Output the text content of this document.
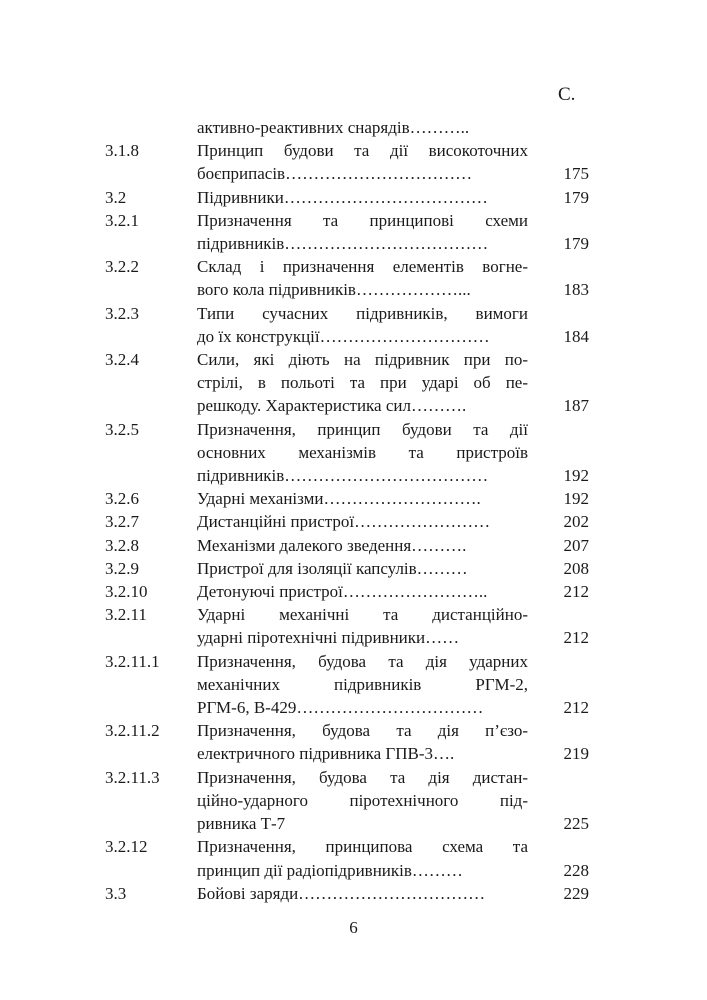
С.
активно-реактивних снарядів………..
3.1.8	Принцип будови та дії високоточних
боєприпасів……………………………	175
3.2	Підривники………………………………	179
3.2.1	Призначення та принципові схеми
підривників………………………………	179
3.2.2	Склад і призначення елементів вогне-
вого кола підривників………………...	183
3.2.3	Типи сучасних підривників, вимоги
до їх конструкції…………………………	184
3.2.4	Сили, які діють на підривник при по-
стрілі, в польоті та при ударі об пе-
решкоду. Характеристика сил……….	187
3.2.5	Призначення, принцип будови та дії
основних механізмів та пристроїв
підривників………………………………	192
3.2.6	Ударні механізми……………………….	192
3.2.7	Дистанційні пристрої……………………	202
3.2.8	Механізми далекого зведення……….	207
3.2.9	Пристрої для ізоляції капсулів………	208
3.2.10	Детонуючі пристрої……………………..	212
3.2.11	Ударні механічні та дистанційно-
ударні піротехнічні підривники……	212
3.2.11.1 Призначення, будова та дія ударних
механічних підривників РГМ-2,
РГМ-6, В-429……………………………	212
3.2.11.2 Призначення, будова та дія п’єзо-
електричного підривника ГПВ-3….	219
3.2.11.3 Призначення, будова та дія дистан-
ційно-ударного піротехнічного під-
ривника Т-7	225
3.2.12	Призначення, принципова схема та
принцип дії радіопідривників………	228
3.3	Бойові заряди……………………………	229
6
